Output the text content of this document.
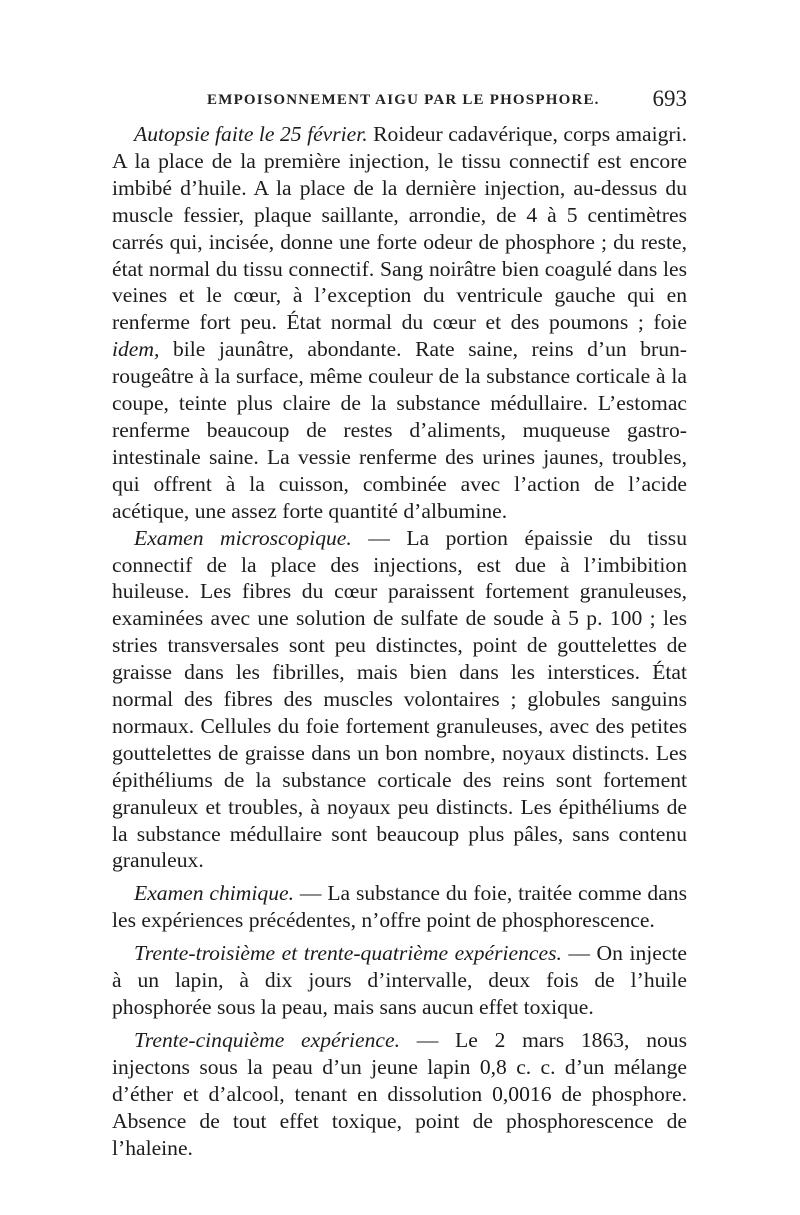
EMPOISONNEMENT AIGU PAR LE PHOSPHORE. 693

Autopsie faite le 25 février. Roideur cadavérique, corps amaigri. A la place de la première injection, le tissu connectif est encore imbibé d’huile. A la place de la dernière injection, au-dessus du muscle fessier, plaque saillante, arrondie, de 4 à 5 centimètres carrés qui, incisée, donne une forte odeur de phosphore ; du reste, état normal du tissu connectif. Sang noirâtre bien coagulé dans les veines et le cœur, à l’exception du ventricule gauche qui en renferme fort peu. État normal du cœur et des poumons ; foie idem, bile jaunâtre, abondante. Rate saine, reins d’un brun-rougeâtre à la surface, même couleur de la substance corticale à la coupe, teinte plus claire de la substance médullaire. L’estomac renferme beaucoup de restes d’aliments, muqueuse gastro-intestinale saine. La vessie renferme des urines jaunes, troubles, qui offrent à la cuisson, combinée avec l’action de l’acide acétique, une assez forte quantité d’albumine.

Examen microscopique. — La portion épaissie du tissu connectif de la place des injections, est due à l’imbibition huileuse. Les fibres du cœur paraissent fortement granuleuses, examinées avec une solution de sulfate de soude à 5 p. 100 ; les stries transversales sont peu distinctes, point de gouttelettes de graisse dans les fibrilles, mais bien dans les interstices. État normal des fibres des muscles volontaires ; globules sanguins normaux. Cellules du foie fortement granuleuses, avec des petites gouttelettes de graisse dans un bon nombre, noyaux distincts. Les épithéliums de la substance corticale des reins sont fortement granuleux et troubles, à noyaux peu distincts. Les épithéliums de la substance médullaire sont beaucoup plus pâles, sans contenu granuleux.

Examen chimique. — La substance du foie, traitée comme dans les expériences précédentes, n’offre point de phosphorescence.

Trente-troisième et trente-quatrième expériences. — On injecte à un lapin, à dix jours d’intervalle, deux fois de l’huile phosphorée sous la peau, mais sans aucun effet toxique.

Trente-cinquième expérience. — Le 2 mars 1863, nous injectons sous la peau d’un jeune lapin 0,8 c. c. d’un mélange d’éther et d’alcool, tenant en dissolution 0,0016 de phosphore. Absence de tout effet toxique, point de phosphorescence de l’haleine.
